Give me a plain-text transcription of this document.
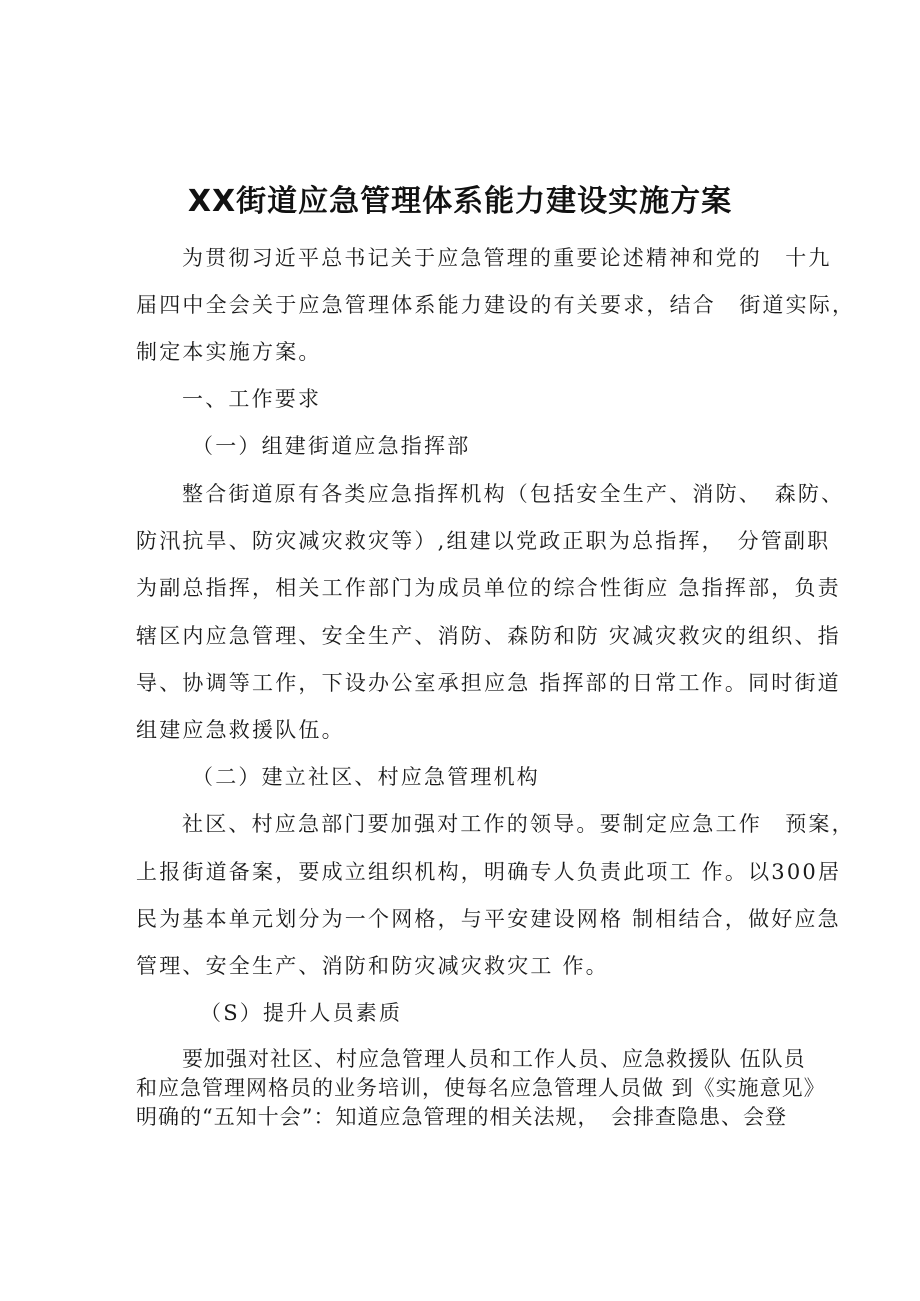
XX街道应急管理体系能力建设实施方案
为贯彻习近平总书记关于应急管理的重要论述精神和党的　十九
届四中全会关于应急管理体系能力建设的有关要求，结合　街道实际，
制定本实施方案。
一、工作要求
（一）组建街道应急指挥部
整合街道原有各类应急指挥机构（包括安全生产、消防、　森防、
防汛抗旱、防灾减灾救灾等）,组建以党政正职为总指挥，　分管副职
为副总指挥，相关工作部门为成员单位的综合性街应 急指挥部，负责
辖区内应急管理、安全生产、消防、森防和防 灾减灾救灾的组织、指
导、协调等工作，下设办公室承担应急 指挥部的日常工作。同时街道
组建应急救援队伍。
（二）建立社区、村应急管理机构
社区、村应急部门要加强对工作的领导。要制定应急工作　预案，
上报街道备案，要成立组织机构，明确专人负责此项工 作。以300居
民为基本单元划分为一个网格，与平安建设网格 制相结合，做好应急
管理、安全生产、消防和防灾减灾救灾工 作。
（S）提升人员素质
要加强对社区、村应急管理人员和工作人员、应急救援队 伍队员
和应急管理网格员的业务培训，使每名应急管理人员做 到《实施意见》
明确的“五知十会”：知道应急管理的相关法规，　会排查隐患、会登
